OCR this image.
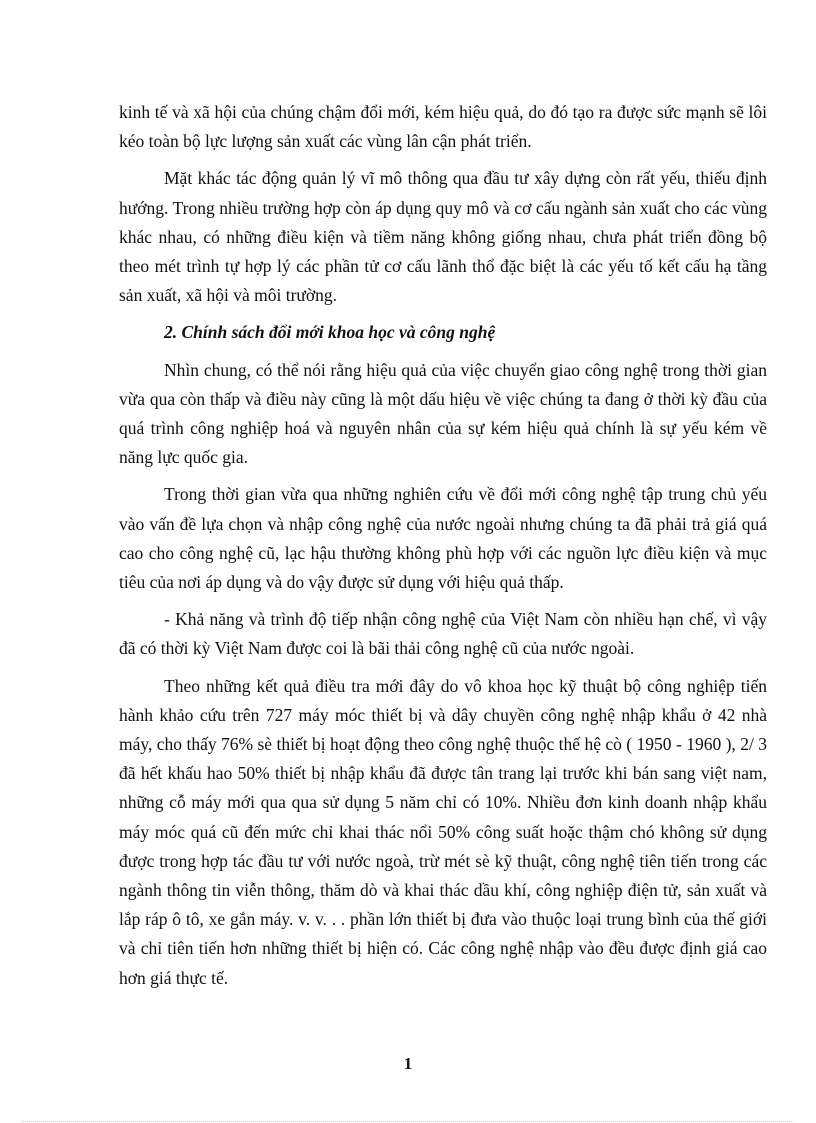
kinh tế và xã hội của chúng chậm đổi mới, kém hiệu quả, do đó tạo ra được sức mạnh sẽ lôi kéo toàn bộ lực lượng sản xuất các vùng lân cận phát triển.

Mặt khác tác động quản lý vĩ mô thông qua đầu tư xây dựng còn rất yếu, thiếu định hướng. Trong nhiều trường hợp còn áp dụng quy mô và cơ cấu ngành sản xuất cho các vùng khác nhau, có những điều kiện và tiềm năng không giống nhau, chưa phát triển đồng bộ theo mét trình tự hợp lý các phần tử cơ cấu lãnh thổ đặc biệt là các yếu tố kết cấu hạ tầng sản xuất, xã hội và môi trường.

2. Chính sách đổi mới khoa học và công nghệ

Nhìn chung, có thể nói rằng hiệu quả của việc chuyển giao công nghệ trong thời gian vừa qua còn thấp và điều này cũng là một dấu hiệu về việc chúng ta đang ở thời kỳ đầu của quá trình công nghiệp hoá và nguyên nhân của sự kém hiệu quả chính là sự yếu kém về năng lực quốc gia.

Trong thời gian vừa qua những nghiên cứu về đổi mới công nghệ tập trung chủ yếu vào vấn đề lựa chọn và nhập công nghệ của nước ngoài nhưng chúng ta đã phải trả giá quá cao cho công nghệ cũ, lạc hậu thường không phù hợp với các nguồn lực điều kiện và mục tiêu của nơi áp dụng và do vậy được sử dụng với hiệu quả thấp.

- Khả năng và trình độ tiếp nhận công nghệ của Việt Nam còn nhiều hạn chế, vì vậy đã có thời kỳ Việt Nam được coi là bãi thải công nghệ cũ của nước ngoài.

Theo những kết quả điều tra mới đây do vô khoa học kỹ thuật bộ công nghiệp tiến hành khảo cứu trên 727 máy móc thiết bị và dây chuyền công nghệ nhập khẩu ở 42 nhà máy, cho thấy 76% sè thiết bị hoạt động theo công nghệ thuộc thế hệ cò ( 1950 - 1960 ), 2/ 3 đã hết khấu hao 50% thiết bị nhập khẩu đã được tân trang lại trước khi bán sang việt nam, những cỗ máy mới qua qua sử dụng 5 năm chỉ có 10%. Nhiều đơn kinh doanh nhập khẩu máy móc quá cũ đến mức chỉ khai thác nổi 50% công suất hoặc thậm chó không sử dụng được trong hợp tác đầu tư với nước ngoà, trừ mét sè kỹ thuật, công nghệ tiên tiến trong các ngành thông tin viễn thông, thăm dò và khai thác dầu khí, công nghiệp điện tử, sản xuất và lắp ráp ô tô, xe gắn máy. v. v. . . phần lớn thiết bị đưa vào thuộc loại trung bình của thế giới và chỉ tiên tiến hơn những thiết bị hiện có. Các công nghệ nhập vào đều được định giá cao hơn giá thực tế.

1
